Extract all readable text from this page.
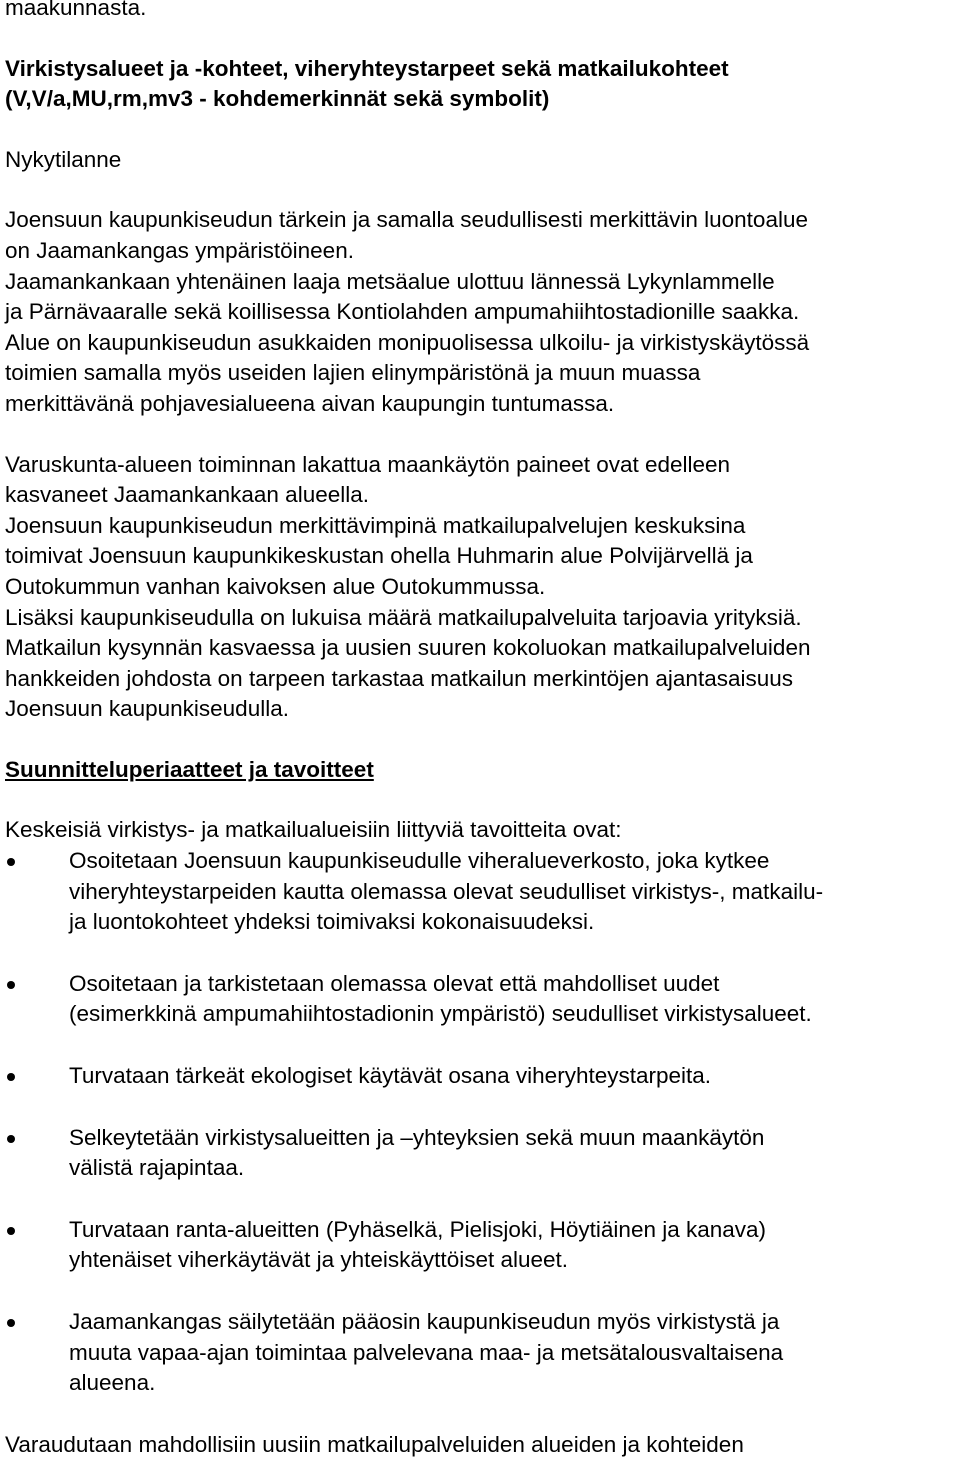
maakunnasta.
Virkistysalueet ja -kohteet, viheryhteystarpeet sekä matkailukohteet
(V,V/a,MU,rm,mv3 - kohdemerkinnät sekä symbolit)
Nykytilanne
Joensuun kaupunkiseudun tärkein ja samalla seudullisesti merkittävin luontoalue
on Jaamankangas ympäristöineen.
Jaamankankaan yhtenäinen laaja metsäalue ulottuu lännessä Lykynlammelle
ja Pärnävaaralle sekä koillisessa Kontiolahden ampumahiihtostadionille saakka.
Alue on kaupunkiseudun asukkaiden monipuolisessa ulkoilu- ja virkistyskäytössä
toimien samalla myös useiden lajien elinympäristönä ja muun muassa
merkittävänä pohjavesialueena aivan kaupungin tuntumassa.
Varuskunta-alueen toiminnan lakattua maankäytön paineet ovat edelleen
kasvaneet Jaamankankaan alueella.
Joensuun kaupunkiseudun merkittävimpinä matkailupalvelujen keskuksina
toimivat Joensuun kaupunkikeskustan ohella Huhmarin alue Polvijärvellä ja
Outokummun vanhan kaivoksen alue Outokummussa.
Lisäksi kaupunkiseudulla on lukuisa määrä matkailupalveluita tarjoavia yrityksiä.
Matkailun kysynnän kasvaessa ja uusien suuren kokoluokan matkailupalveluiden
hankkeiden johdosta on tarpeen tarkastaa matkailun merkintöjen ajantasaisuus
Joensuun kaupunkiseudulla.
Suunnitteluperiaatteet ja tavoitteet
Keskeisiä virkistys- ja matkailualueisiin liittyviä tavoitteita ovat:
Osoitetaan Joensuun kaupunkiseudulle viheralueverkosto, joka kytkee
viheryhteystarpeiden kautta olemassa olevat seudulliset virkistys-, matkailu-
ja luontokohteet yhdeksi toimivaksi kokonaisuudeksi.
Osoitetaan ja tarkistetaan olemassa olevat että mahdolliset uudet
(esimerkkinä ampumahiihtostadionin ympäristö) seudulliset virkistysalueet.
Turvataan tärkeät ekologiset käytävät osana viheryhteystarpeita.
Selkeytetään virkistysalueitten ja –yhteyksien sekä muun maankäytön
välistä rajapintaa.
Turvataan ranta-alueitten (Pyhäselkä, Pielisjoki, Höytiäinen ja kanava)
yhtenäiset viherkäytävät ja yhteiskäyttöiset alueet.
Jaamankangas säilytetään pääosin kaupunkiseudun myös virkistystä ja
muuta vapaa-ajan toimintaa palvelevana maa- ja metsätalousvaltaisena
alueena.
Varaudutaan mahdollisiin uusiin matkailupalveluiden alueiden ja kohteiden
